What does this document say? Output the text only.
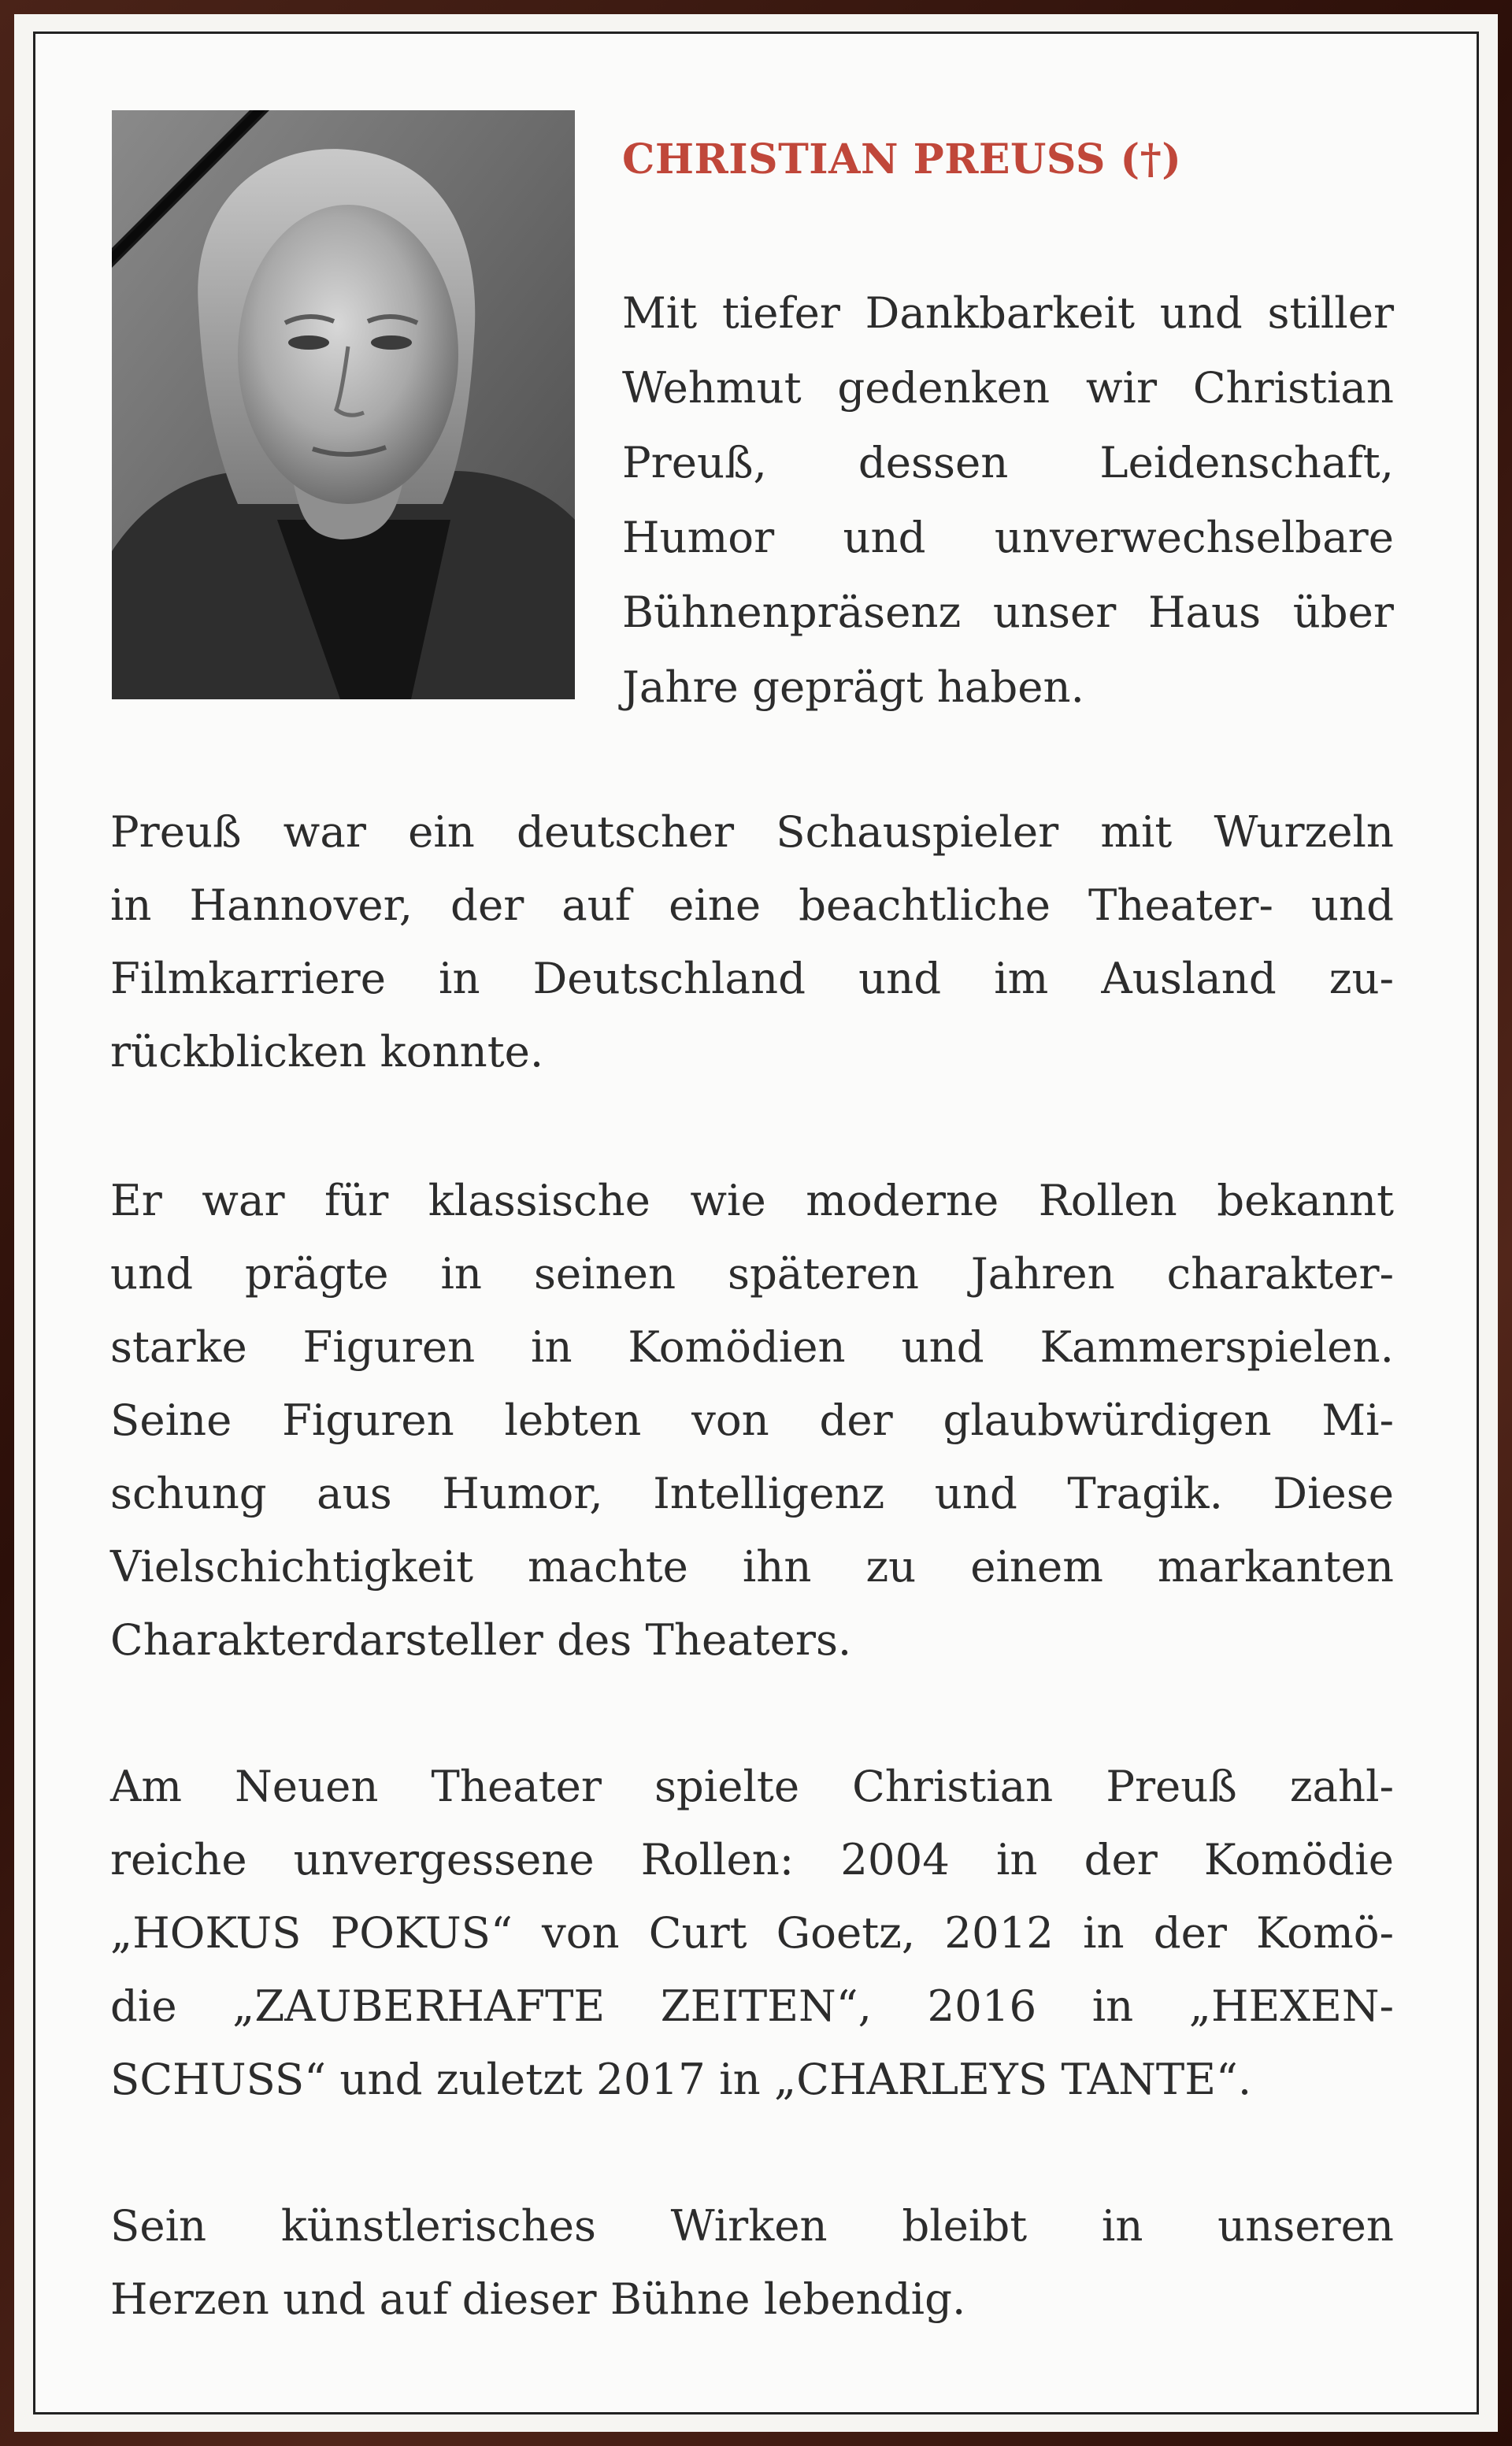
CHRISTIAN PREUSS (†)
Mit tiefer Dankbarkeit und stiller
Wehmut gedenken wir Christian
Preuß, dessen Leidenschaft,
Humor und unverwechselbare
Bühnenpräsenz unser Haus über
Jahre geprägt haben.
Preuß war ein deutscher Schauspieler mit Wurzeln
in Hannover, der auf eine beachtliche Theater- und
Filmkarriere in Deutschland und im Ausland zu-
rückblicken konnte.
Er war für klassische wie moderne Rollen bekannt
und prägte in seinen späteren Jahren charakter-
starke Figuren in Komödien und Kammerspielen.
Seine Figuren lebten von der glaubwürdigen Mi-
schung aus Humor, Intelligenz und Tragik. Diese
Vielschichtigkeit machte ihn zu einem markanten
Charakterdarsteller des Theaters.
Am Neuen Theater spielte Christian Preuß zahl-
reiche unvergessene Rollen: 2004 in der Komödie
„HOKUS POKUS“ von Curt Goetz, 2012 in der Komö-
die „ZAUBERHAFTE ZEITEN“, 2016 in „HEXEN-
SCHUSS“ und zuletzt 2017 in „CHARLEYS TANTE“.
Sein künstlerisches Wirken bleibt in unseren
Herzen und auf dieser Bühne lebendig.
